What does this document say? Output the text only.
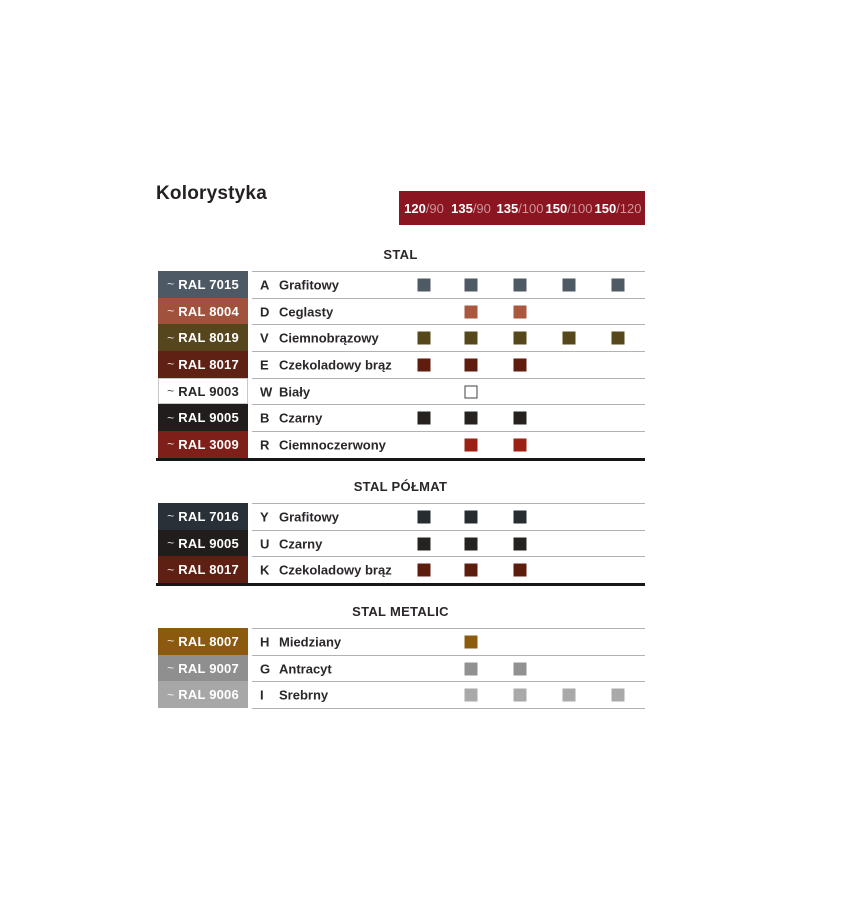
Kolorystyka
120 /90 135 /90 135 /100 150 /100 150 /120
STAL
~ RAL 7015 A Grafitowy
~ RAL 8004 D Ceglasty
~ RAL 8019 V Ciemnobrązowy
~ RAL 8017 E Czekoladowy brąz
~ RAL 9003 W Biały
~ RAL 9005 B Czarny
~ RAL 3009 R Ciemnoczerwony
STAL PÓŁMAT
~ RAL 7016 Y Grafitowy
~ RAL 9005 U Czarny
~ RAL 8017 K Czekoladowy brąz
STAL METALIC
~ RAL 8007 H Miedziany
~ RAL 9007 G Antracyt
~ RAL 9006 I Srebrny
